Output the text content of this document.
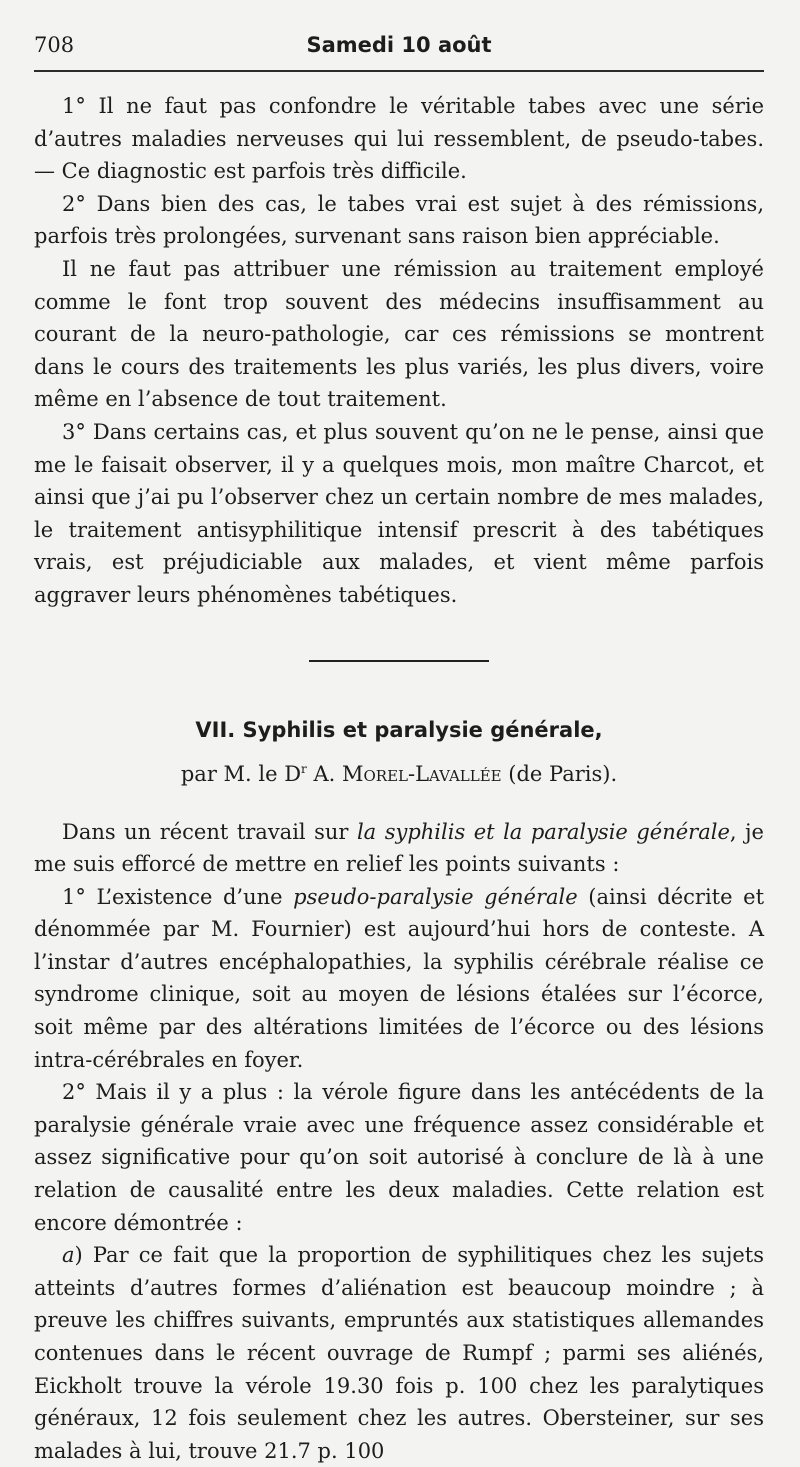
708	Samedi 10 août

1° Il ne faut pas confondre le véritable tabes avec une série d’autres maladies nerveuses qui lui ressemblent, de pseudo-tabes. — Ce diagnostic est parfois très difficile.

2° Dans bien des cas, le tabes vrai est sujet à des rémissions, parfois très prolongées, survenant sans raison bien appréciable.

Il ne faut pas attribuer une rémission au traitement employé comme le font trop souvent des médecins insuffisamment au courant de la neuro-pathologie, car ces rémissions se montrent dans le cours des traitements les plus variés, les plus divers, voire même en l’absence de tout traitement.

3° Dans certains cas, et plus souvent qu’on ne le pense, ainsi que me le faisait observer, il y a quelques mois, mon maître Charcot, et ainsi que j’ai pu l’observer chez un certain nombre de mes malades, le traitement antisyphilitique intensif prescrit à des tabétiques vrais, est préjudiciable aux malades, et vient même parfois aggraver leurs phénomènes tabétiques.

VII. Syphilis et paralysie générale,
par M. le $D^r$ A. Morel-Lavallée (de Paris).

Dans un récent travail sur la syphilis et la paralysie générale, je me suis efforcé de mettre en relief les points suivants :

1° L’existence d’une pseudo-paralysie générale (ainsi décrite et dénommée par M. Fournier) est aujourd’hui hors de conteste. A l’instar d’autres encéphalopathies, la syphilis cérébrale réalise ce syndrome clinique, soit au moyen de lésions étalées sur l’écorce, soit même par des altérations limitées de l’écorce ou des lésions intra-cérébrales en foyer.

2° Mais il y a plus : la vérole figure dans les antécédents de la paralysie générale vraie avec une fréquence assez considérable et assez significative pour qu’on soit autorisé à conclure de là à une relation de causalité entre les deux maladies. Cette relation est encore démontrée :

a) Par ce fait que la proportion de syphilitiques chez les sujets atteints d’autres formes d’aliénation est beaucoup moindre ; à preuve les chiffres suivants, empruntés aux statistiques allemandes contenues dans le récent ouvrage de Rumpf ; parmi ses aliénés, Eickholt trouve la vérole 19.30 fois p. 100 chez les paralytiques généraux, 12 fois seulement chez les autres. Obersteiner, sur ses malades à lui, trouve 21.7 p. 100
